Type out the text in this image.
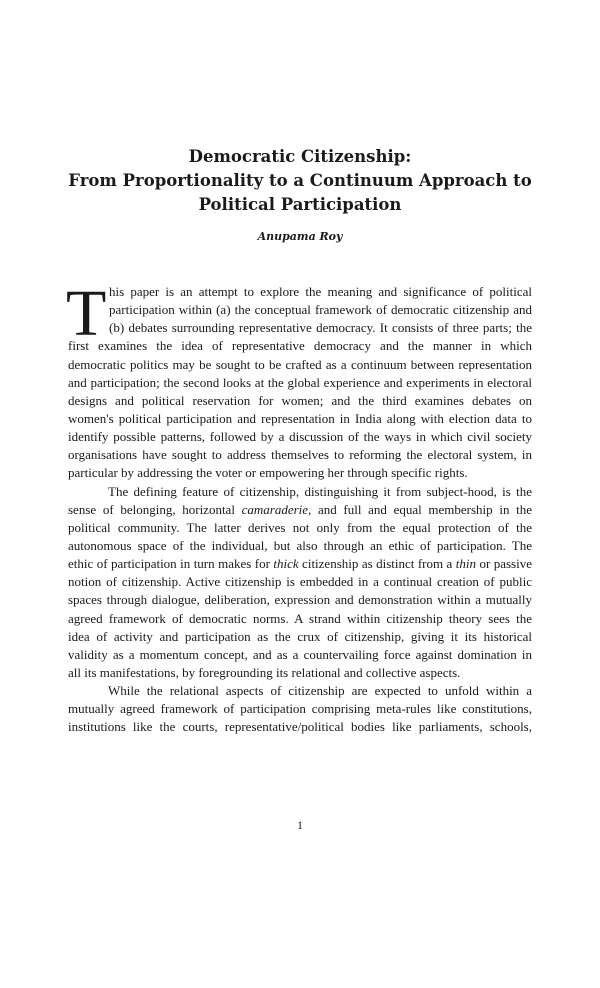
Democratic Citizenship:
From Proportionality to a Continuum Approach to
Political Participation
Anupama Roy
T his paper is an attempt to explore the meaning and significance of political
participation within (a) the conceptual framework of democratic citizenship and
(b) debates surrounding representative democracy. It consists of three parts; the
first examines the idea of representative democracy and the manner in which
democratic politics may be sought to be crafted as a continuum between representation
and participation; the second looks at the global experience and experiments in electoral
designs and political reservation for women; and the third examines debates on
women's political participation and representation in India along with election data to
identify possible patterns, followed by a discussion of the ways in which civil society
organisations have sought to address themselves to reforming the electoral system, in
particular by addressing the voter or empowering her through specific rights.
The defining feature of citizenship, distinguishing it from subject-hood, is the
sense of belonging, horizontal camaraderie, and full and equal membership in the
political community. The latter derives not only from the equal protection of the
autonomous space of the individual, but also through an ethic of participation. The
ethic of participation in turn makes for thick citizenship as distinct from a thin or passive
notion of citizenship. Active citizenship is embedded in a continual creation of public
spaces through dialogue, deliberation, expression and demonstration within a mutually
agreed framework of democratic norms. A strand within citizenship theory sees the
idea of activity and participation as the crux of citizenship, giving it its historical
validity as a momentum concept, and as a countervailing force against domination in
all its manifestations, by foregrounding its relational and collective aspects.
While the relational aspects of citizenship are expected to unfold within a
mutually agreed framework of participation comprising meta-rules like constitutions,
institutions like the courts, representative/political bodies like parliaments, schools,
1
